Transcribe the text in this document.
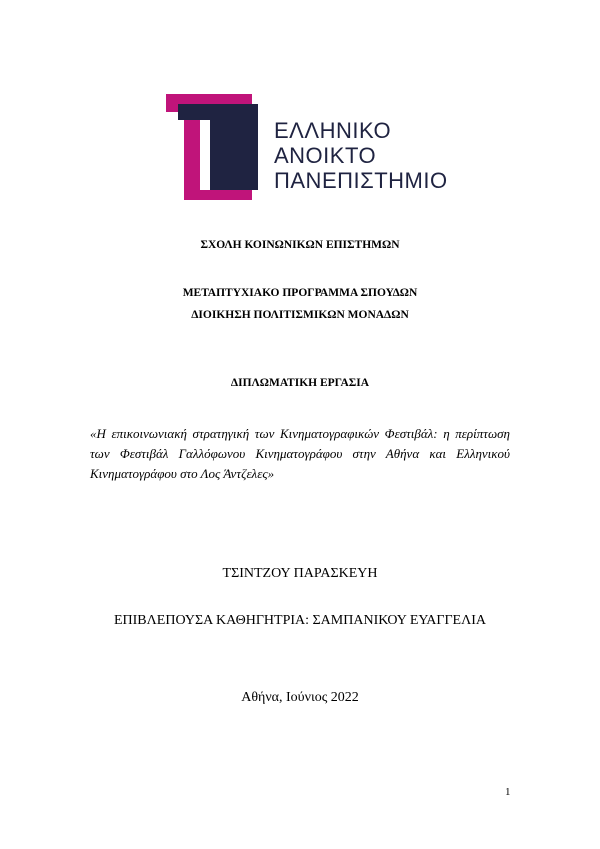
ΕΛΛΗΝΙΚΟ
ΑΝΟΙΚΤΟ
ΠΑΝΕΠΙΣΤΗΜΙΟ
ΣΧΟΛΗ ΚΟΙΝΩΝΙΚΩΝ ΕΠΙΣΤΗΜΩΝ
ΜΕΤΑΠΤΥΧΙΑΚΟ ΠΡΟΓΡΑΜΜΑ ΣΠΟΥΔΩΝ
ΔΙΟΙΚΗΣΗ ΠΟΛΙΤΙΣΜΙΚΩΝ ΜΟΝΑΔΩΝ
ΔΙΠΛΩΜΑΤΙΚΗ ΕΡΓΑΣΙΑ
«Η επικοινωνιακή στρατηγική των Κινηματογραφικών Φεστιβάλ: η περίπτωση των Φεστιβάλ Γαλλόφωνου Κινηματογράφου στην Αθήνα και Ελληνικού Κινηματογράφου στο Λος Άντζελες»
ΤΣΙΝΤΖΟΥ ΠΑΡΑΣΚΕΥΗ
ΕΠΙΒΛΕΠΟΥΣΑ ΚΑΘΗΓΗΤΡΙΑ: ΣΑΜΠΑΝΙΚΟΥ ΕΥΑΓΓΕΛΙΑ
Αθήνα, Ιούνιος 2022
1
